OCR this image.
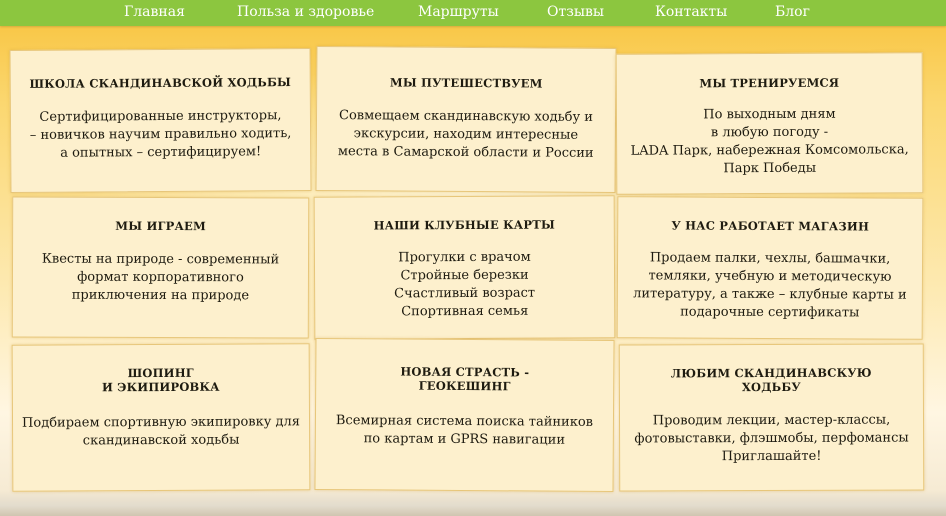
Главная	Польза и здоровье	Маршруты	Отзывы	Контакты	Блог
ШКОЛА СКАНДИНАВСКОЙ ХОДЬБЫ

Сертифицированные инструкторы,
– новичков научим правильно ходить,
а опытных – сертифицируем!

МЫ ПУТЕШЕСТВУЕМ

Совмещаем скандинавскую ходьбу и
экскурсии, находим интересные
места в Самарской области и России

МЫ ТРЕНИРУЕМСЯ

По выходным дням
в любую погоду -
LADA Парк, набережная Комсомольска,
Парк Победы

МЫ ИГРАЕМ

Квесты на природе - современный
формат корпоративного
приключения на природе

НАШИ КЛУБНЫЕ КАРТЫ

Прогулки с врачом
Стройные березки
Счастливый возраст
Спортивная семья

У НАС РАБОТАЕТ МАГАЗИН

Продаем палки, чехлы, башмачки,
темляки, учебную и методическую
литературу, а также – клубные карты и
подарочные сертификаты

ШОПИНГ
И ЭКИПИРОВКА

Подбираем спортивную экипировку для
скандинавской ходьбы

НОВАЯ СТРАСТЬ -
ГЕОКЕШИНГ

Всемирная система поиска тайников
по картам и GPRS навигации

ЛЮБИМ СКАНДИНАВСКУЮ
ХОДЬБУ

Проводим лекции, мастер-классы,
фотовыставки, флэшмобы, перфомансы
Приглашайте!
